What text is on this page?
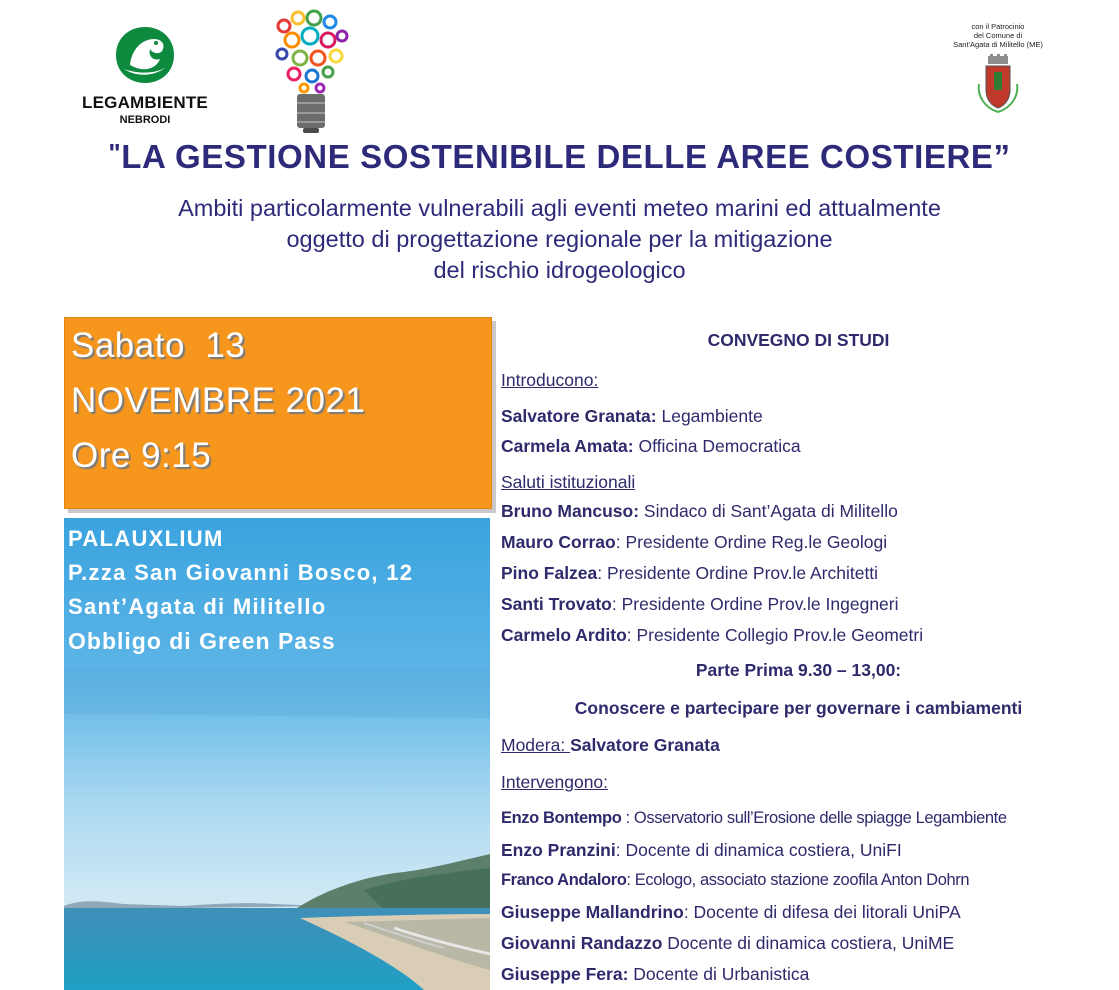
LEGAMBIENTE
NEBRODI
con il Patrocinio
del Comune di
Sant'Agata di Militello (ME)
"LA GESTIONE SOSTENIBILE DELLE AREE COSTIERE”
Ambiti particolarmente vulnerabili agli eventi meteo marini ed attualmente
oggetto di progettazione regionale per la mitigazione
del rischio idrogeologico
Sabato  13
NOVEMBRE 2021
Ore 9:15
PALAUXLIUM
P.zza San Giovanni Bosco, 12
Sant’Agata di Militello
Obbligo di Green Pass
CONVEGNO DI STUDI
Introducono:
Salvatore Granata: Legambiente
Carmela Amata: Officina Democratica
Saluti istituzionali
Bruno Mancuso: Sindaco di Sant’Agata di Militello
Mauro Corrao: Presidente Ordine Reg.le Geologi
Pino Falzea: Presidente Ordine Prov.le Architetti
Santi Trovato: Presidente Ordine Prov.le Ingegneri
Carmelo Ardito: Presidente Collegio Prov.le Geometri
Parte Prima 9.30 – 13,00:
Conoscere e partecipare per governare i cambiamenti
Modera: Salvatore Granata
Intervengono:
Enzo Bontempo : Osservatorio sull’Erosione delle spiagge Legambiente
Enzo Pranzini: Docente di dinamica costiera, UniFI
Franco Andaloro: Ecologo, associato stazione zoofila Anton Dohrn
Giuseppe Mallandrino: Docente di difesa dei litorali UniPA
Giovanni Randazzo Docente di dinamica costiera, UniME
Giuseppe Fera: Docente di Urbanistica
